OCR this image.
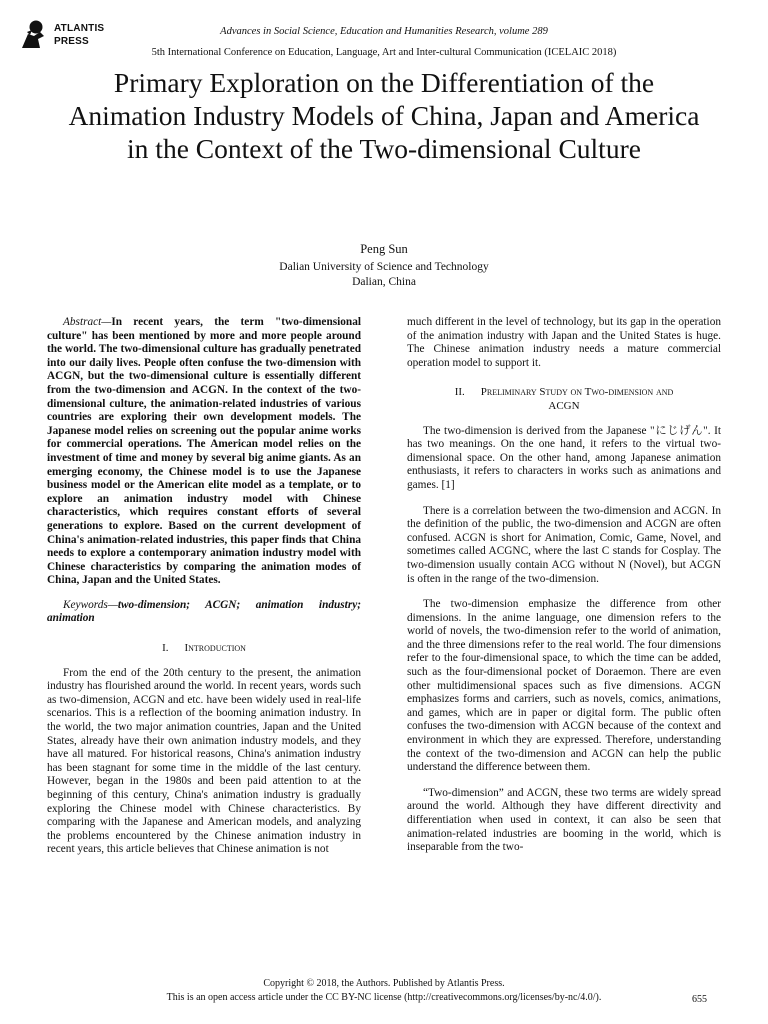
ATLANTIS
PRESS
Advances in Social Science, Education and Humanities Research, volume 289
5th International Conference on Education, Language, Art and Inter-cultural Communication (ICELAIC 2018)
Primary Exploration on the Differentiation of the Animation Industry Models of China, Japan and America in the Context of the Two-dimensional Culture
Peng Sun
Dalian University of Science and Technology
Dalian, China

Abstract—In recent years, the term "two-dimensional culture" has been mentioned by more and more people around the world. The two-dimensional culture has gradually penetrated into our daily lives. People often confuse the two-dimension with ACGN, but the two-dimensional culture is essentially different from the two-dimension and ACGN. In the context of the two-dimensional culture, the animation-related industries of various countries are exploring their own development models. The Japanese model relies on screening out the popular anime works for commercial operations. The American model relies on the investment of time and money by several big anime giants. As an emerging economy, the Chinese model is to use the Japanese business model or the American elite model as a template, or to explore an animation industry model with Chinese characteristics, which requires constant efforts of several generations to explore. Based on the current development of China's animation-related industries, this paper finds that China needs to explore a contemporary animation industry model with Chinese characteristics by comparing the animation modes of China, Japan and the United States.

Keywords—two-dimension; ACGN; animation industry; animation

I. Introduction

From the end of the 20th century to the present, the animation industry has flourished around the world. In recent years, words such as two-dimension, ACGN and etc. have been widely used in real-life scenarios. This is a reflection of the booming animation industry. In the world, the two major animation countries, Japan and the United States, already have their own animation industry models, and they have all matured. For historical reasons, China's animation industry has been stagnant for some time in the middle of the last century. However, began in the 1980s and been paid attention to at the beginning of this century, China's animation industry is gradually exploring the Chinese model with Chinese characteristics. By comparing with the Japanese and American models, and analyzing the problems encountered by the Chinese animation industry in recent years, this article believes that Chinese animation is not

much different in the level of technology, but its gap in the operation of the animation industry with Japan and the United States is huge. The Chinese animation industry needs a mature commercial operation model to support it.

II. Preliminary Study on Two-dimension and
ACGN

The two-dimension is derived from the Japanese "にじげん". It has two meanings. On the one hand, it refers to the virtual two-dimensional space. On the other hand, among Japanese animation enthusiasts, it refers to characters in works such as animations and games. [1]

There is a correlation between the two-dimension and ACGN. In the definition of the public, the two-dimension and ACGN are often confused. ACGN is short for Animation, Comic, Game, Novel, and sometimes called ACGNC, where the last C stands for Cosplay. The two-dimension usually contain ACG without N (Novel), but ACGN is often in the range of the two-dimension.

The two-dimension emphasize the difference from other dimensions. In the anime language, one dimension refers to the world of novels, the two-dimension refer to the world of animation, and the three dimensions refer to the real world. The four dimensions refer to the four-dimensional space, to which the time can be added, such as the four-dimensional pocket of Doraemon. There are even other multidimensional spaces such as five dimensions. ACGN emphasizes forms and carriers, such as novels, comics, animations, and games, which are in paper or digital form. The public often confuses the two-dimension with ACGN because of the context and environment in which they are expressed. Therefore, understanding the context of the two-dimension and ACGN can help the public understand the difference between them.

“Two-dimension” and ACGN, these two terms are widely spread around the world. Although they have different directivity and differentiation when used in context, it can also be seen that animation-related industries are booming in the world, which is inseparable from the two-

Copyright © 2018, the Authors. Published by Atlantis Press.
This is an open access article under the CC BY-NC license (http://creativecommons.org/licenses/by-nc/4.0/).	655
